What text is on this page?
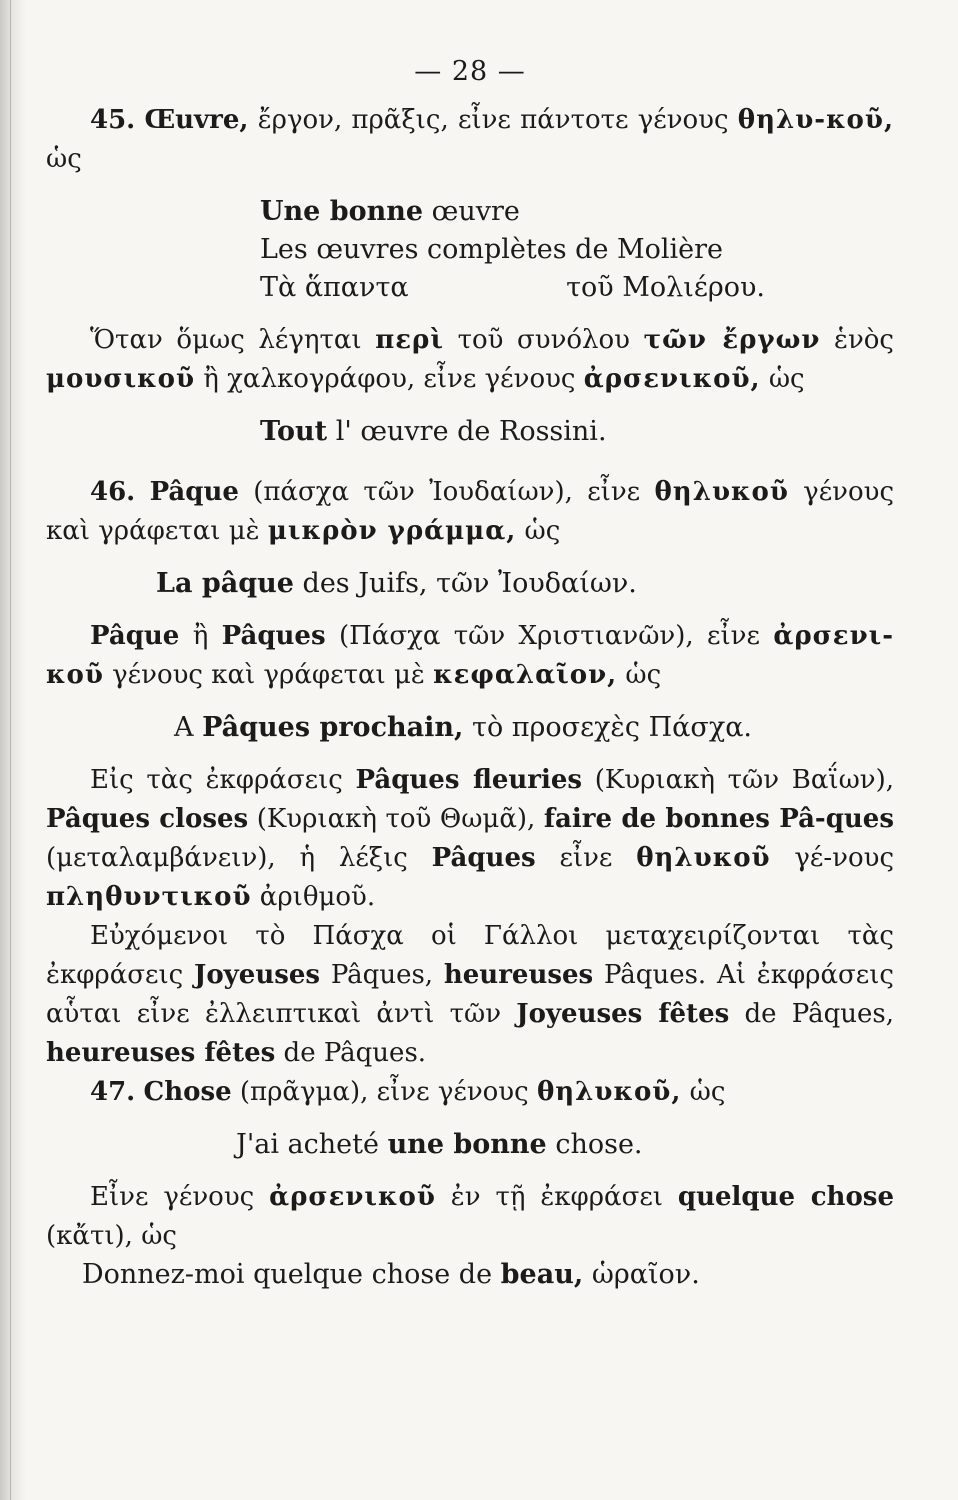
— 28 —

45. Œuvre, ἔργον, πρᾶξις, εἶνε πάντοτε γένους θηλυ-κοῦ, ὡς

Une bonne œuvre

Les œuvres complètes de Molière

Τὰ ἅπαντα	τοῦ Μολιέρου.

Ὅταν ὅμως λέγηται περὶ τοῦ συνόλου τῶν ἔργων ἑνὸς μουσικοῦ ἢ χαλκογράφου, εἶνε γένους ἀρσενικοῦ, ὡς

Tout l' œuvre de Rossini.

46. Pâque (πάσχα τῶν Ἰουδαίων), εἶνε θηλυκοῦ γένους καὶ γράφεται μὲ μικρὸν γράμμα, ὡς

La pâque des Juifs, τῶν Ἰουδαίων.

Pâque ἢ Pâques (Πάσχα τῶν Χριστιανῶν), εἶνε ἀρσενι-κοῦ γένους καὶ γράφεται μὲ κεφαλαῖον, ὡς

A Pâques prochain, τὸ προσεχὲς Πάσχα.

Εἰς τὰς ἐκφράσεις Pâques fleuries (Κυριακὴ τῶν Βαΐων), Pâques closes (Κυριακὴ τοῦ Θωμᾶ), faire de bonnes Pâ-ques (μεταλαμβάνειν), ἡ λέξις Pâques εἶνε θηλυκοῦ γέ-νους πληθυντικοῦ ἀριθμοῦ.

Εὐχόμενοι τὸ Πάσχα οἱ Γάλλοι μεταχειρίζονται τὰς ἐκφράσεις Joyeuses Pâques, heureuses Pâques. Αἱ ἐκφράσεις αὗται εἶνε ἐλλειπτικαὶ ἀντὶ τῶν Joyeuses fêtes de Pâques, heureuses fêtes de Pâques.

47. Chose (πρᾶγμα), εἶνε γένους θηλυκοῦ, ὡς

J'ai acheté une bonne chose.

Εἶνε γένους ἀρσενικοῦ ἐν τῇ ἐκφράσει quelque chose (κἄτι), ὡς

Donnez-moi quelque chose de beau, ὡραῖον.
